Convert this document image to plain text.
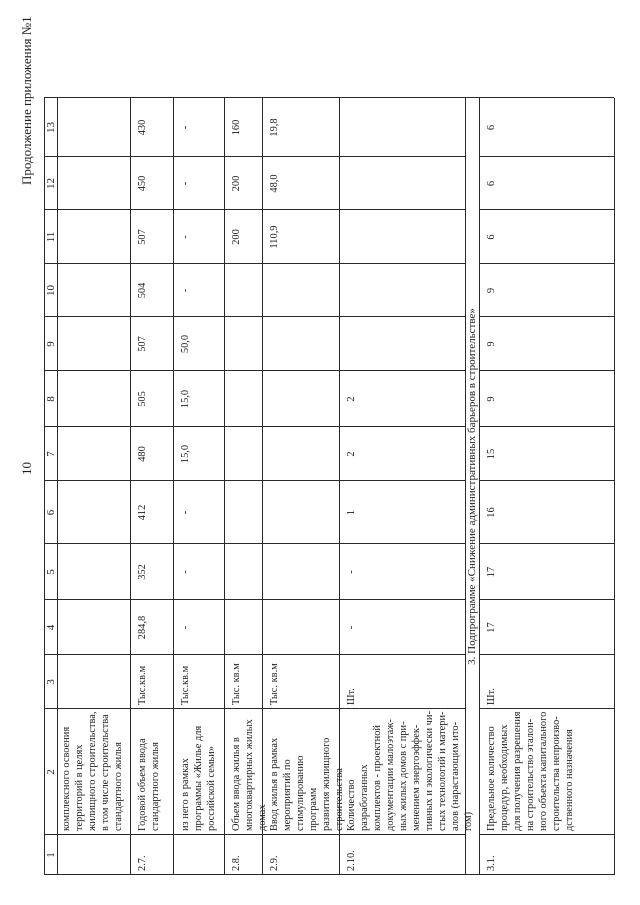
10
Продолжение приложения №1
1
2
3
4
5
6
7
8
9
10
11
12
13
комплексного освоения
территорий в целях
жилищного строительства,
в том числе строительства
стандартного жилья
2.7.
Годовой объем ввода
стандартного жилья
Тыс.кв.м
284,8
352
412
480
505
507
504
507
450
430
из него в рамках
программы «Жилье для
российской семьи»
Тыс.кв.м
-
-
-
15,0
15,0
50,0
-
-
-
-
2.8.
Объем ввода жилья в
многоквартирных жилых
домах
Тыс. кв.м
200
200
160
2.9.
Ввод жилья в рамках
мероприятий по
стимулированию программ
развития жилищного
строительства
Тыс. кв.м
110,9
48,0
19,8
2.10.
Количество разработанных
комплектов - проектной
документации малоэтаж-
ных жилых домов с при-
менением энергоэффек-
тивных и экологически чи-
стых технологий и матери-
алов (нарастающим ито-
гом)
Шт.
-
-
1
2
2
3.1.
Предельное количество
процедур, необходимых
для получения разрешения
на строительство эталон-
ного объекта капитального
строительства непроизво-
дственного назначения
Шт.
17
17
16
15
9
9
9
6
6
6
3. Подпрограмме «Снижение административных барьеров в строительстве»
